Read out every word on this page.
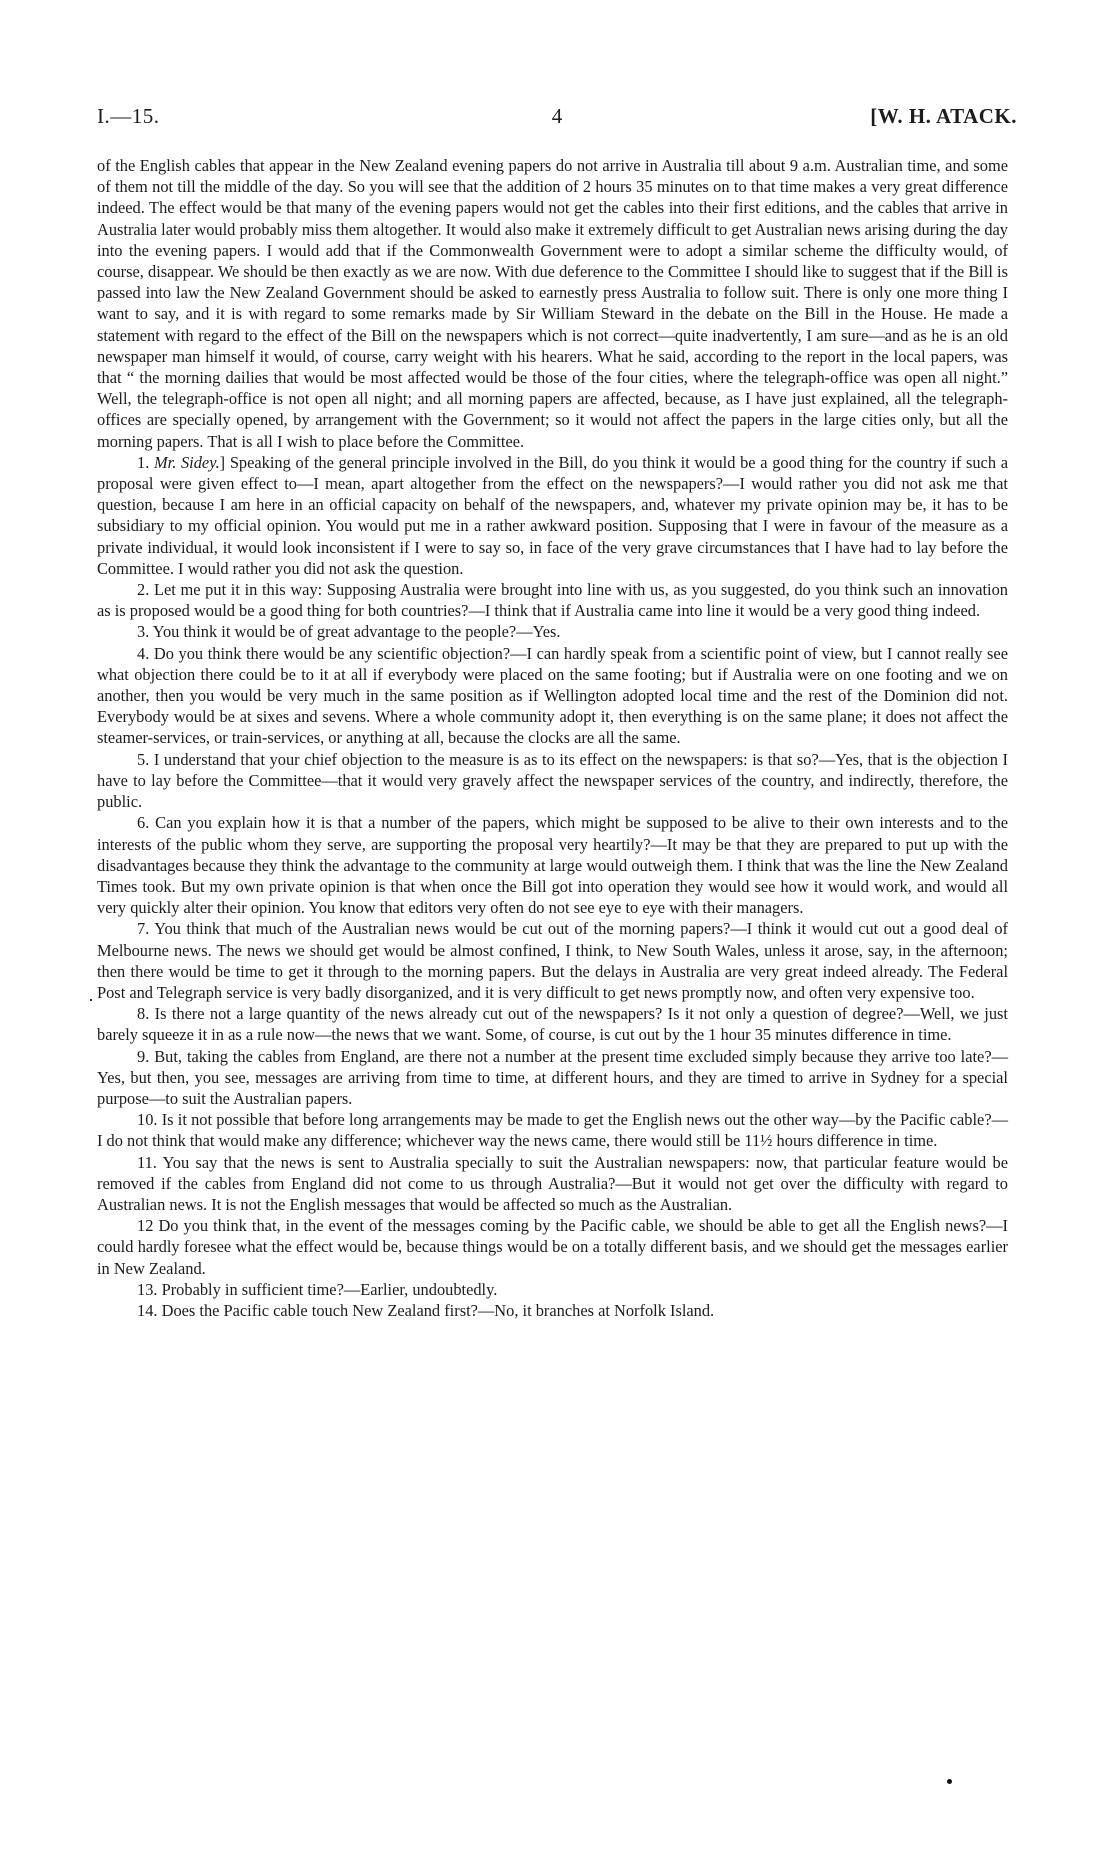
I.—15.	4	[W. H. ATACK.

of the English cables that appear in the New Zealand evening papers do not arrive in Australia till about 9 a.m. Australian time, and some of them not till the middle of the day. So you will see that the addition of 2 hours 35 minutes on to that time makes a very great difference indeed. The effect would be that many of the evening papers would not get the cables into their first editions, and the cables that arrive in Australia later would probably miss them altogether. It would also make it extremely difficult to get Australian news arising during the day into the evening papers. I would add that if the Commonwealth Government were to adopt a similar scheme the difficulty would, of course, disappear. We should be then exactly as we are now. With due deference to the Committee I should like to suggest that if the Bill is passed into law the New Zealand Government should be asked to earnestly press Australia to follow suit. There is only one more thing I want to say, and it is with regard to some remarks made by Sir William Steward in the debate on the Bill in the House. He made a statement with regard to the effect of the Bill on the newspapers which is not correct—quite inadvertently, I am sure—and as he is an old newspaper man himself it would, of course, carry weight with his hearers. What he said, according to the report in the local papers, was that “ the morning dailies that would be most affected would be those of the four cities, where the telegraph-office was open all night.” Well, the telegraph-office is not open all night; and all morning papers are affected, because, as I have just explained, all the telegraph-offices are specially opened, by arrangement with the Government; so it would not affect the papers in the large cities only, but all the morning papers. That is all I wish to place before the Committee.

1. Mr. Sidey.] Speaking of the general principle involved in the Bill, do you think it would be a good thing for the country if such a proposal were given effect to—I mean, apart altogether from the effect on the newspapers?—I would rather you did not ask me that question, because I am here in an official capacity on behalf of the newspapers, and, whatever my private opinion may be, it has to be subsidiary to my official opinion. You would put me in a rather awkward position. Supposing that I were in favour of the measure as a private individual, it would look inconsistent if I were to say so, in face of the very grave circumstances that I have had to lay before the Committee. I would rather you did not ask the question.

2. Let me put it in this way: Supposing Australia were brought into line with us, as you suggested, do you think such an innovation as is proposed would be a good thing for both countries?—I think that if Australia came into line it would be a very good thing indeed.

3. You think it would be of great advantage to the people?—Yes.

4. Do you think there would be any scientific objection?—I can hardly speak from a scientific point of view, but I cannot really see what objection there could be to it at all if everybody were placed on the same footing; but if Australia were on one footing and we on another, then you would be very much in the same position as if Wellington adopted local time and the rest of the Dominion did not. Everybody would be at sixes and sevens. Where a whole community adopt it, then everything is on the same plane; it does not affect the steamer-services, or train-services, or anything at all, because the clocks are all the same.

5. I understand that your chief objection to the measure is as to its effect on the newspapers: is that so?—Yes, that is the objection I have to lay before the Committee—that it would very gravely affect the newspaper services of the country, and indirectly, therefore, the public.

6. Can you explain how it is that a number of the papers, which might be supposed to be alive to their own interests and to the interests of the public whom they serve, are supporting the proposal very heartily?—It may be that they are prepared to put up with the disadvantages because they think the advantage to the community at large would outweigh them. I think that was the line the New Zealand Times took. But my own private opinion is that when once the Bill got into operation they would see how it would work, and would all very quickly alter their opinion. You know that editors very often do not see eye to eye with their managers.

7. You think that much of the Australian news would be cut out of the morning papers?—I think it would cut out a good deal of Melbourne news. The news we should get would be almost confined, I think, to New South Wales, unless it arose, say, in the afternoon; then there would be time to get it through to the morning papers. But the delays in Australia are very great indeed already. The Federal Post and Telegraph service is very badly disorganized, and it is very difficult to get news promptly now, and often very expensive too.

8. Is there not a large quantity of the news already cut out of the newspapers? Is it not only a question of degree?—Well, we just barely squeeze it in as a rule now—the news that we want. Some, of course, is cut out by the 1 hour 35 minutes difference in time.

9. But, taking the cables from England, are there not a number at the present time excluded simply because they arrive too late?—Yes, but then, you see, messages are arriving from time to time, at different hours, and they are timed to arrive in Sydney for a special purpose—to suit the Australian papers.

10. Is it not possible that before long arrangements may be made to get the English news out the other way—by the Pacific cable?—I do not think that would make any difference; whichever way the news came, there would still be 11½ hours difference in time.

11. You say that the news is sent to Australia specially to suit the Australian newspapers: now, that particular feature would be removed if the cables from England did not come to us through Australia?—But it would not get over the difficulty with regard to Australian news. It is not the English messages that would be affected so much as the Australian.

12 Do you think that, in the event of the messages coming by the Pacific cable, we should be able to get all the English news?—I could hardly foresee what the effect would be, because things would be on a totally different basis, and we should get the messages earlier in New Zealand.

13. Probably in sufficient time?—Earlier, undoubtedly.

14. Does the Pacific cable touch New Zealand first?—No, it branches at Norfolk Island.
